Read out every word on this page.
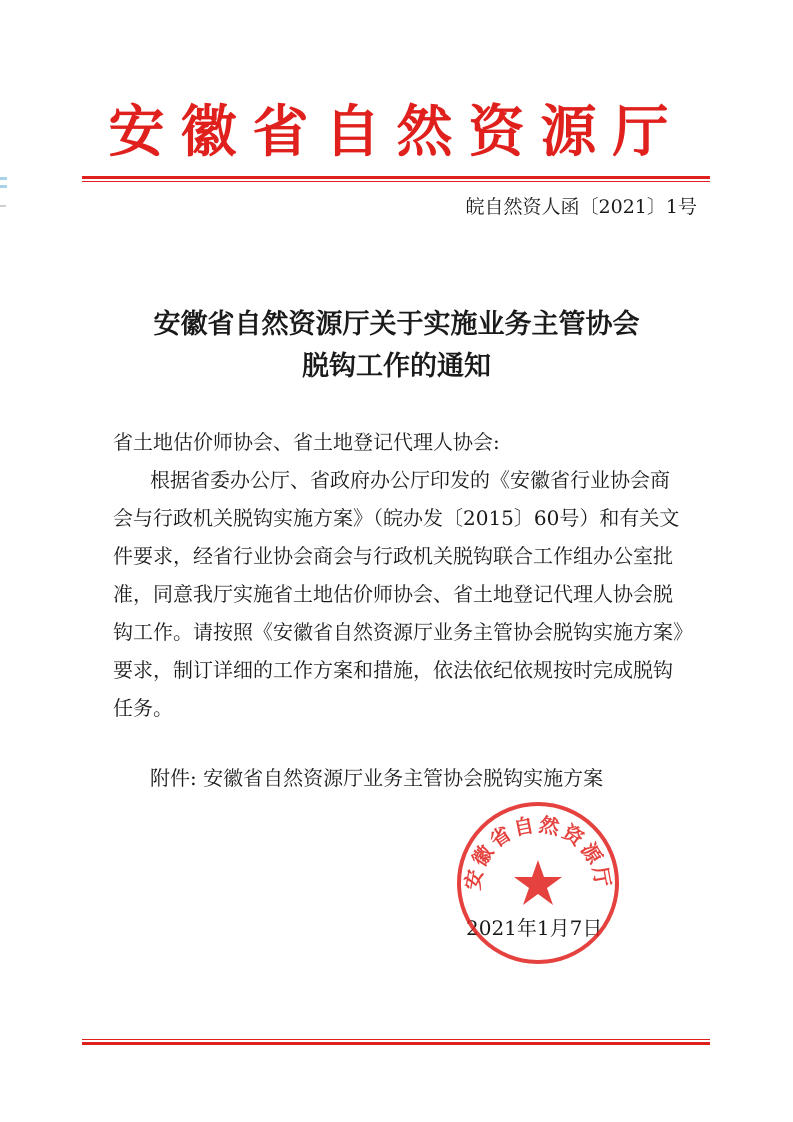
安徽省自然资源厅
皖自然资人函〔2021〕1号
安徽省自然资源厅关于实施业务主管协会
脱钩工作的通知
省土地估价师协会、省土地登记代理人协会:
根据省委办公厅、省政府办公厅印发的《安徽省行业协会商
会与行政机关脱钩实施方案》（皖办发〔2015〕60号）和有关文
件要求，经省行业协会商会与行政机关脱钩联合工作组办公室批
准，同意我厅实施省土地估价师协会、省土地登记代理人协会脱
钩工作。请按照《安徽省自然资源厅业务主管协会脱钩实施方案》
要求，制订详细的工作方案和措施，依法依纪依规按时完成脱钩
任务。
附件: 安徽省自然资源厅业务主管协会脱钩实施方案
2021年1月7日
安徽省自然资源厅
